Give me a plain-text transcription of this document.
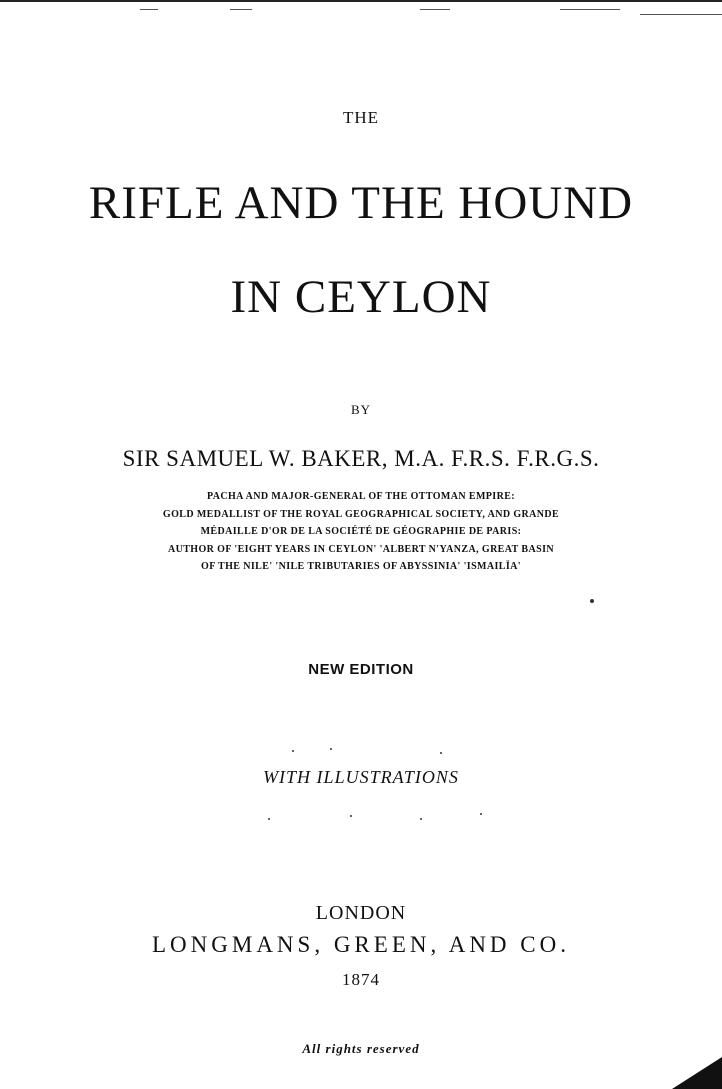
THE
RIFLE AND THE HOUND
IN CEYLON
BY
SIR SAMUEL W. BAKER, M.A. F.R.S. F.R.G.S.
PACHA AND MAJOR-GENERAL OF THE OTTOMAN EMPIRE:
GOLD MEDALLIST OF THE ROYAL GEOGRAPHICAL SOCIETY, AND GRANDE
MÉDAILLE D'OR DE LA SOCIÉTÉ DE GÉOGRAPHIE DE PARIS:
AUTHOR OF 'EIGHT YEARS IN CEYLON' 'ALBERT N'YANZA, GREAT BASIN
OF THE NILE' 'NILE TRIBUTARIES OF ABYSSINIA' 'ISMAILÏA'
NEW EDITION
WITH ILLUSTRATIONS
LONDON
LONGMANS, GREEN, AND CO.
1874
All rights reserved
